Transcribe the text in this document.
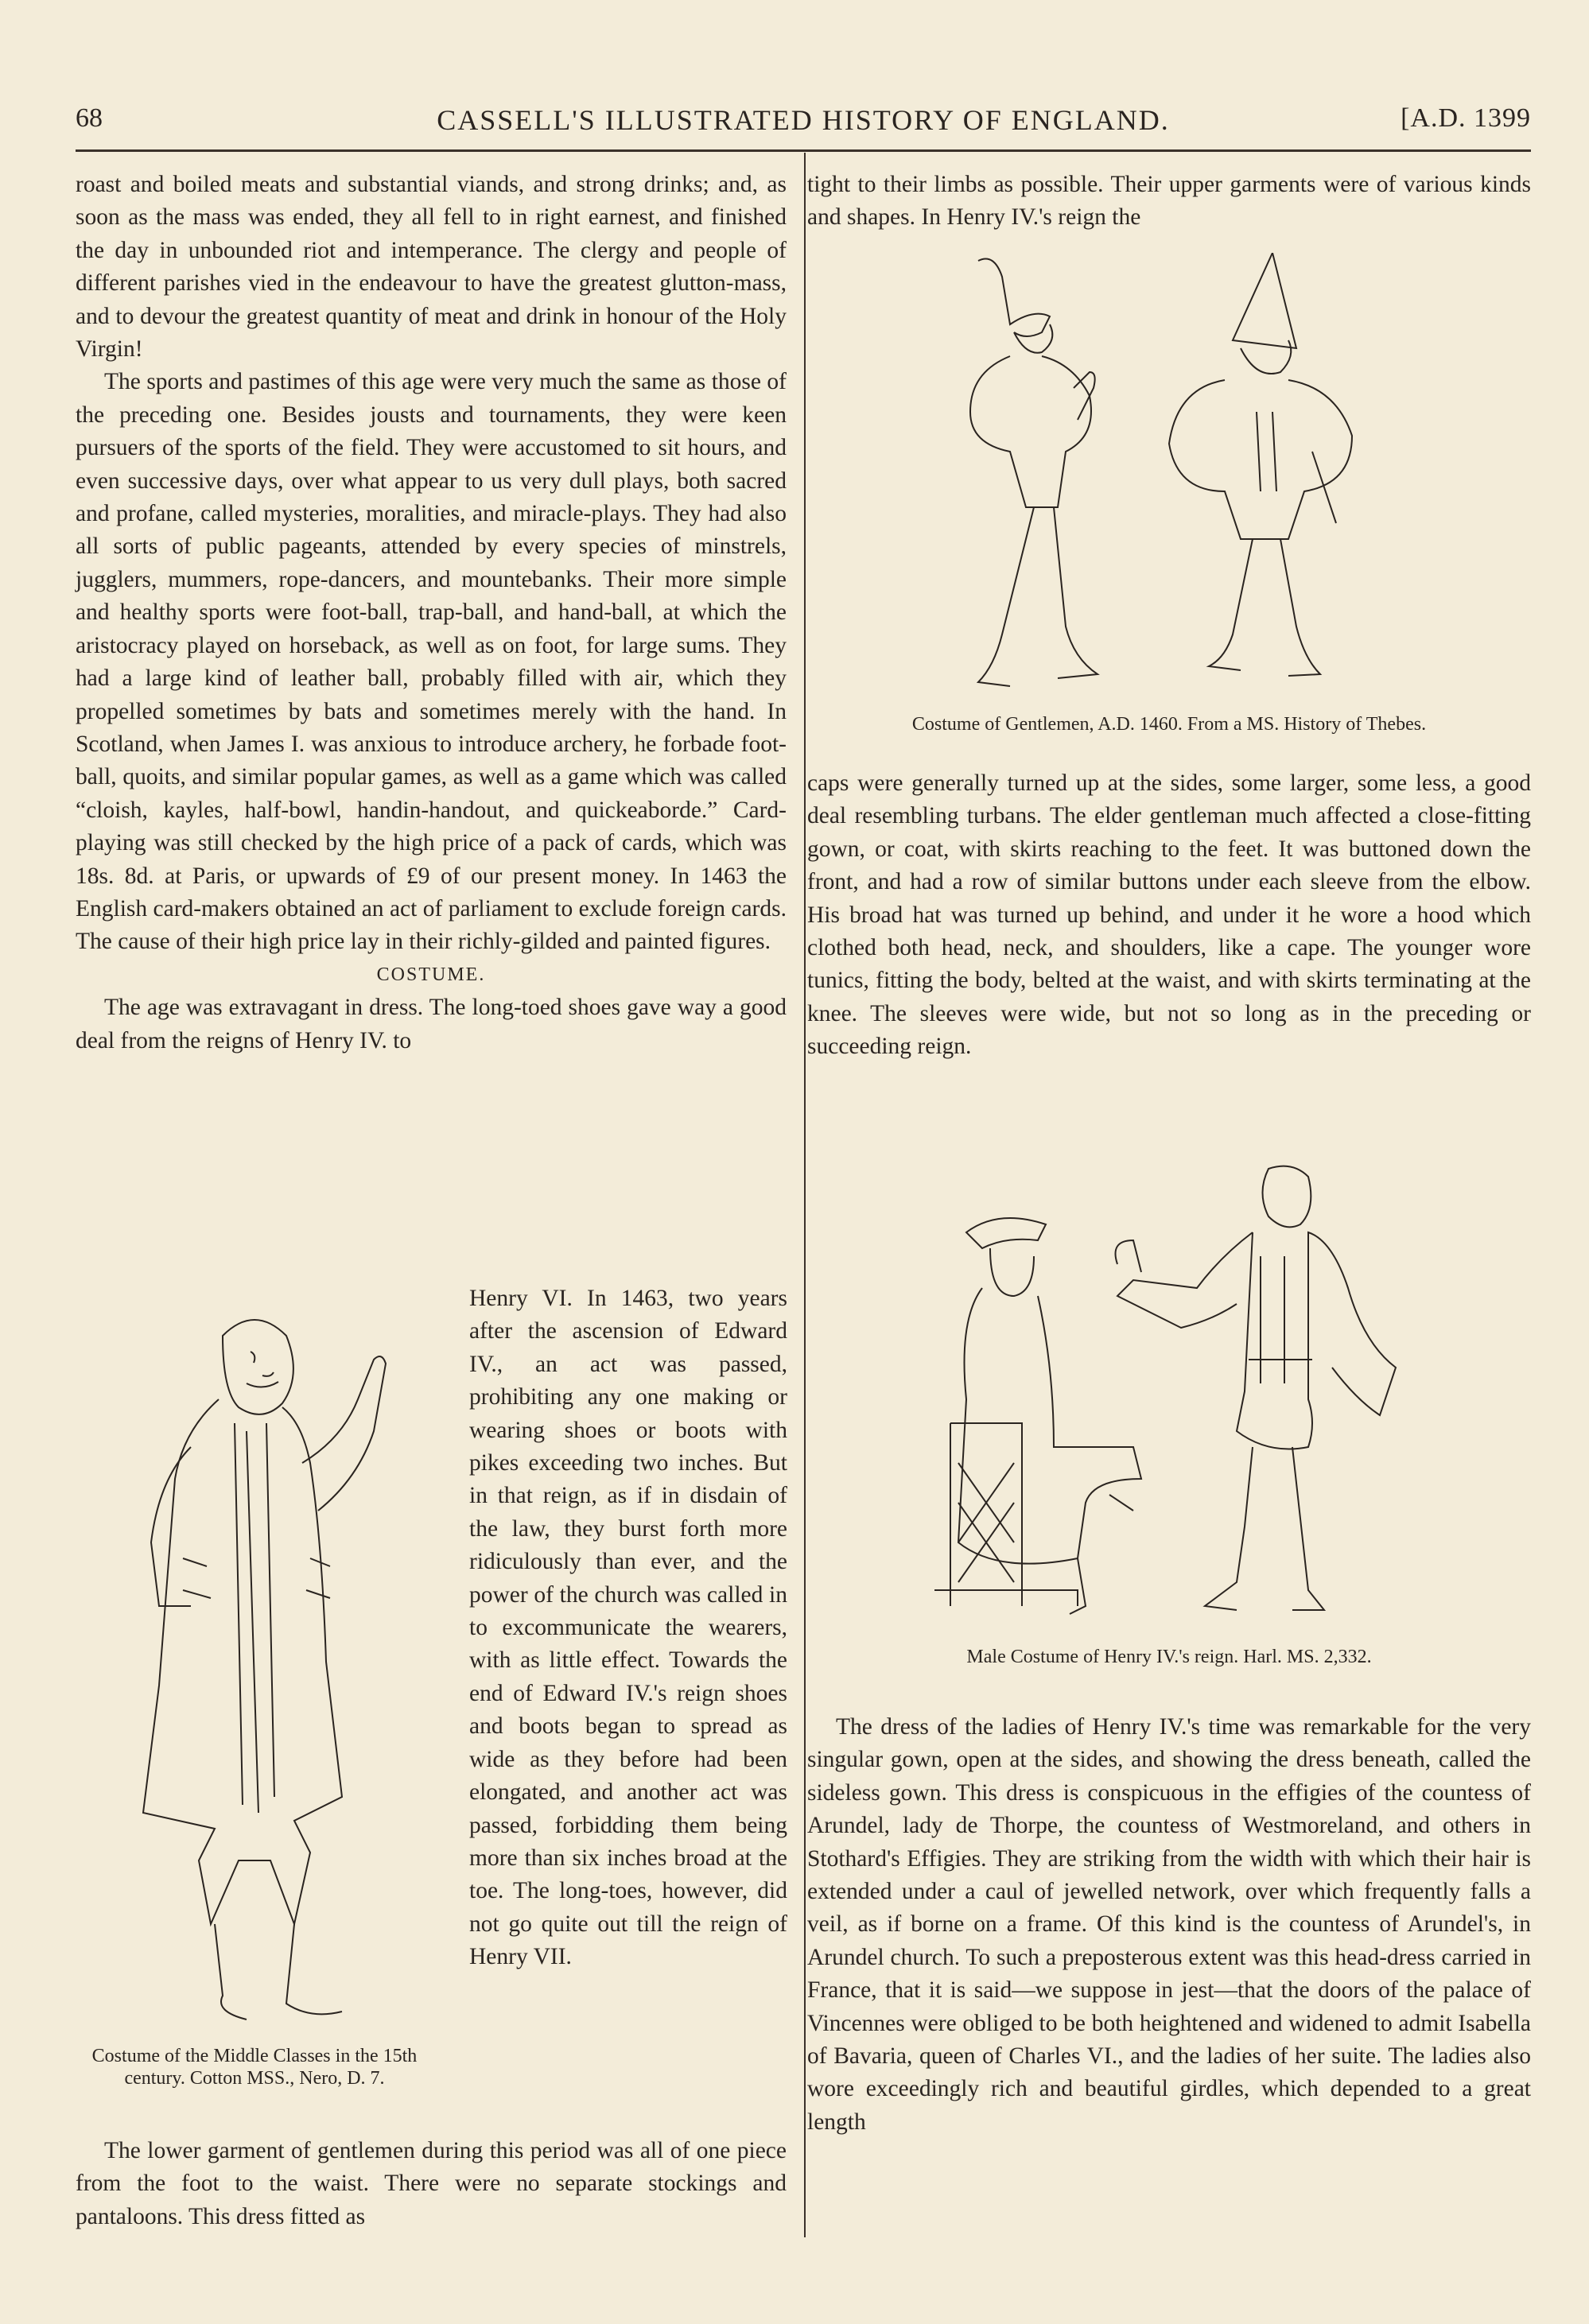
68	CASSELL'S ILLUSTRATED HISTORY OF ENGLAND.	[A.D. 1399

roast and boiled meats and substantial viands, and strong drinks; and, as soon as the mass was ended, they all fell to in right earnest, and finished the day in unbounded riot and intemperance. The clergy and people of different parishes vied in the endeavour to have the greatest glutton-mass, and to devour the greatest quantity of meat and drink in honour of the Holy Virgin!

The sports and pastimes of this age were very much the same as those of the preceding one. Besides jousts and tournaments, they were keen pursuers of the sports of the field. They were accustomed to sit hours, and even successive days, over what appear to us very dull plays, both sacred and profane, called mysteries, moralities, and miracle-plays. They had also all sorts of public pageants, attended by every species of minstrels, jugglers, mummers, rope-dancers, and mountebanks. Their more simple and healthy sports were foot-ball, trap-ball, and hand-ball, at which the aristocracy played on horseback, as well as on foot, for large sums. They had a large kind of leather ball, probably filled with air, which they propelled sometimes by bats and sometimes merely with the hand. In Scotland, when James I. was anxious to introduce archery, he forbade foot-ball, quoits, and similar popular games, as well as a game which was called “cloish, kayles, half-bowl, handin-handout, and quickeaborde.” Card-playing was still checked by the high price of a pack of cards, which was 18s. 8d. at Paris, or upwards of £9 of our present money. In 1463 the English card-makers obtained an act of parliament to exclude foreign cards. The cause of their high price lay in their richly-gilded and painted figures.

COSTUME.

The age was extravagant in dress. The long-toed shoes gave way a good deal from the reigns of Henry IV. to

Henry VI. In 1463, two years after the ascension of Edward IV., an act was passed, prohibiting any one making or wearing shoes or boots with pikes exceeding two inches. But in that reign, as if in disdain of the law, they burst forth more ridiculously than ever, and the power of the church was called in to excommunicate the wearers, with as little effect. Towards the end of Edward IV.'s reign shoes and boots began to spread as wide as they before had been elongated, and another act was passed, forbidding them being more than six inches broad at the toe. The long-toes, however, did not go quite out till the reign of Henry VII.

The lower garment of gentlemen during this period was all of one piece from the foot to the waist. There were no separate stockings and pantaloons. This dress fitted as

Costume of the Middle Classes in the 15th century. Cotton MSS., Nero, D. 7.

tight to their limbs as possible. Their upper garments were of various kinds and shapes. In Henry IV.'s reign the

Costume of Gentlemen, A.D. 1460. From a MS. History of Thebes.

caps were generally turned up at the sides, some larger, some less, a good deal resembling turbans. The elder gentleman much affected a close-fitting gown, or coat, with skirts reaching to the feet. It was buttoned down the front, and had a row of similar buttons under each sleeve from the elbow. His broad hat was turned up behind, and under it he wore a hood which clothed both head, neck, and shoulders, like a cape. The younger wore tunics, fitting the body, belted at the waist, and with skirts terminating at the knee. The sleeves were wide, but not so long as in the preceding or succeeding reign.

Male Costume of Henry IV.'s reign. Harl. MS. 2,332.

The dress of the ladies of Henry IV.'s time was remarkable for the very singular gown, open at the sides, and showing the dress beneath, called the sideless gown. This dress is conspicuous in the effigies of the countess of Arundel, lady de Thorpe, the countess of Westmoreland, and others in Stothard's Effigies. They are striking from the width with which their hair is extended under a caul of jewelled network, over which frequently falls a veil, as if borne on a frame. Of this kind is the countess of Arundel's, in Arundel church. To such a preposterous extent was this head-dress carried in France, that it is said—we suppose in jest—that the doors of the palace of Vincennes were obliged to be both heightened and widened to admit Isabella of Bavaria, queen of Charles VI., and the ladies of her suite. The ladies also wore exceedingly rich and beautiful girdles, which depended to a great length
